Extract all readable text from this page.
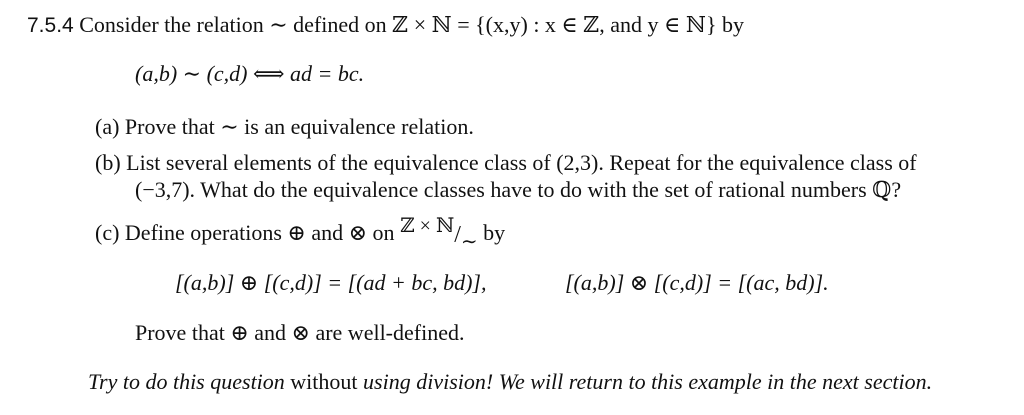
7.5.4 Consider the relation ∼ defined on ℤ × ℕ = {(x,y) : x ∈ ℤ, and y ∈ ℕ} by
(a,b) ∼ (c,d) ⟺ ad = bc.
(a) Prove that ∼ is an equivalence relation.
(b) List several elements of the equivalence class of (2,3). Repeat for the equivalence class of
(−3,7). What do the equivalence classes have to do with the set of rational numbers ℚ?
(c) Define operations ⊕ and ⊗ on ℤ × ℕ/∼ by
[(a,b)] ⊕ [(c,d)] = [(ad + bc, bd)],	[(a,b)] ⊗ [(c,d)] = [(ac, bd)].
Prove that ⊕ and ⊗ are well-defined.
Try to do this question without using division! We will return to this example in the next section.
